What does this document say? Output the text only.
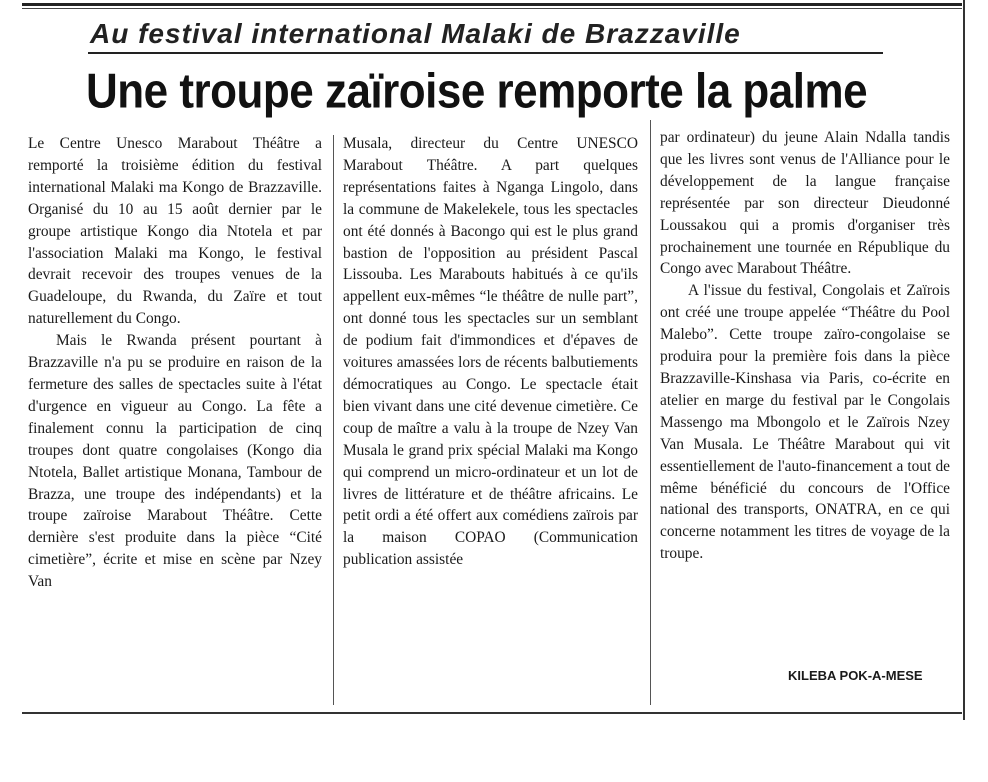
Au festival international Malaki de Brazzaville
Une troupe zaïroise remporte la palme

Le Centre Unesco Marabout Théâtre a remporté la troisième édition du festival international Malaki ma Kongo de Brazzaville. Organisé du 10 au 15 août dernier par le groupe artistique Kongo dia Ntotela et par l'association Malaki ma Kongo, le festival devrait recevoir des troupes venues de la Guadeloupe, du Rwanda, du Zaïre et tout naturellement du Congo.

Mais le Rwanda présent pourtant à Brazzaville n'a pu se produire en raison de la fermeture des salles de spectacles suite à l'état d'urgence en vigueur au Congo. La fête a finalement connu la participation de cinq troupes dont quatre congolaises (Kongo dia Ntotela, Ballet artistique Monana, Tambour de Brazza, une troupe des indépendants) et la troupe zaïroise Marabout Théâtre. Cette dernière s'est produite dans la pièce “Cité cimetière”, écrite et mise en scène par Nzey Van

Musala, directeur du Centre UNESCO Marabout Théâtre. A part quelques représentations faites à Nganga Lingolo, dans la commune de Makelekele, tous les spectacles ont été donnés à Bacongo qui est le plus grand bastion de l'opposition au président Pascal Lissouba. Les Marabouts habitués à ce qu'ils appellent eux-mêmes “le théâtre de nulle part”, ont donné tous les spectacles sur un semblant de podium fait d'immondices et d'épaves de voitures amassées lors de récents balbutiements démocratiques au Congo. Le spectacle était bien vivant dans une cité devenue cimetière. Ce coup de maître a valu à la troupe de Nzey Van Musala le grand prix spécial Malaki ma Kongo qui comprend un micro-ordinateur et un lot de livres de littérature et de théâtre africains. Le petit ordi a été offert aux comédiens zaïrois par la maison COPAO (Communication publication assistée

par ordinateur) du jeune Alain Ndalla tandis que les livres sont venus de l'Alliance pour le développement de la langue française représentée par son directeur Dieudonné Loussakou qui a promis d'organiser très prochainement une tournée en République du Congo avec Marabout Théâtre.

A l'issue du festival, Congolais et Zaïrois ont créé une troupe appelée “Théâtre du Pool Malebo”. Cette troupe zaïro-congolaise se produira pour la première fois dans la pièce Brazzaville-Kinshasa via Paris, co-écrite en atelier en marge du festival par le Congolais Massengo ma Mbongolo et le Zaïrois Nzey Van Musala. Le Théâtre Marabout qui vit essentiellement de l'auto-financement a tout de même bénéficié du concours de l'Office national des transports, ONATRA, en ce qui concerne notamment les titres de voyage de la troupe.

KILEBA POK-A-MESE
